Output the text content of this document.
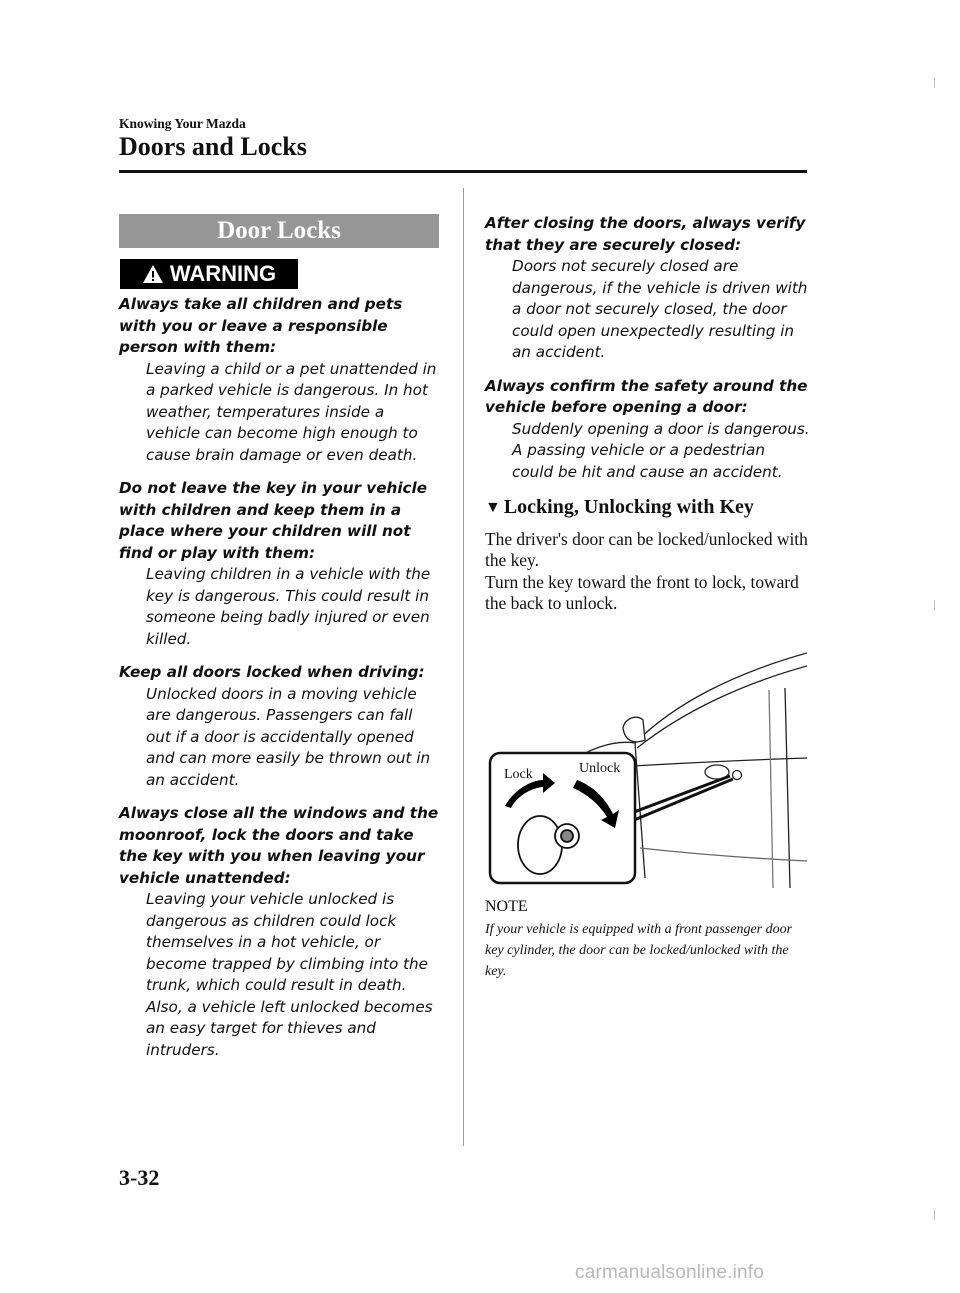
Knowing Your Mazda
Doors and Locks
Door Locks
WARNING
Always take all children and pets with you or leave a responsible person with them:
Leaving a child or a pet unattended in a parked vehicle is dangerous. In hot weather, temperatures inside a vehicle can become high enough to cause brain damage or even death.
Do not leave the key in your vehicle with children and keep them in a place where your children will not find or play with them:
Leaving children in a vehicle with the key is dangerous. This could result in someone being badly injured or even killed.
Keep all doors locked when driving:
Unlocked doors in a moving vehicle are dangerous. Passengers can fall out if a door is accidentally opened and can more easily be thrown out in an accident.
Always close all the windows and the moonroof, lock the doors and take the key with you when leaving your vehicle unattended:
Leaving your vehicle unlocked is dangerous as children could lock themselves in a hot vehicle, or become trapped by climbing into the trunk, which could result in death. Also, a vehicle left unlocked becomes an easy target for thieves and intruders.
After closing the doors, always verify that they are securely closed:
Doors not securely closed are dangerous, if the vehicle is driven with a door not securely closed, the door could open unexpectedly resulting in an accident.
Always confirm the safety around the vehicle before opening a door:
Suddenly opening a door is dangerous. A passing vehicle or a pedestrian could be hit and cause an accident.
▼ Locking, Unlocking with Key

The driver's door can be locked/unlocked with the key.

Turn the key toward the front to lock, toward the back to unlock.

Lock	Unlock
NOTE
If your vehicle is equipped with a front passenger door key cylinder, the door can be locked/unlocked with the key.
3-32
carmanualsonline.info
